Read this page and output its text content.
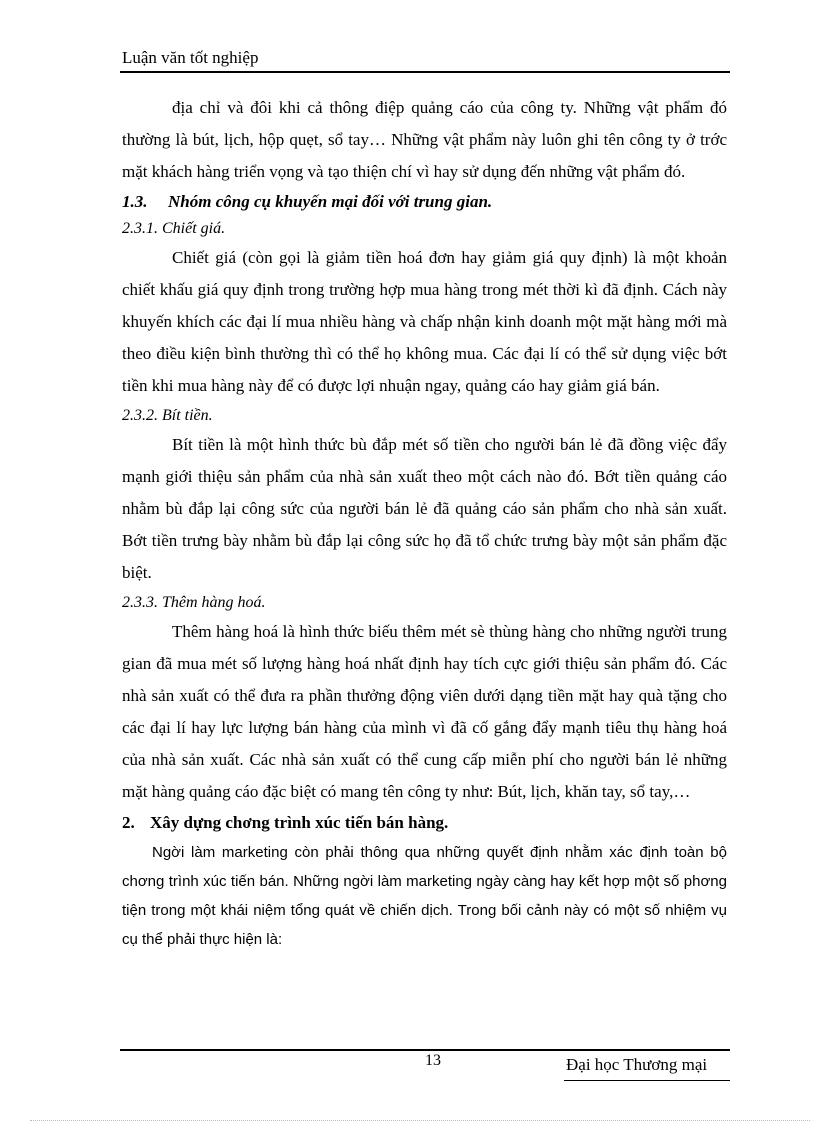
Luận văn tốt nghiệp

địa chỉ và đôi khi cả thông điệp quảng cáo của công ty. Những vật phẩm đó thường là bút, lịch, hộp quẹt, sổ tay… Những vật phẩm này luôn ghi tên công ty ở trớc mặt khách hàng triển vọng và tạo thiện chí vì hay sử dụng đến những vật phẩm đó.

1.3. Nhóm công cụ khuyến mại đối với trung gian.

2.3.1. Chiết giá.

Chiết giá (còn gọi là giảm tiền hoá đơn hay giảm giá quy định) là một khoản chiết khấu giá quy định trong trường hợp mua hàng trong mét thời kì đã định. Cách này khuyến khích các đại lí mua nhiều hàng và chấp nhận kinh doanh một mặt hàng mới mà theo điều kiện bình thường thì có thể họ không mua. Các đại lí có thể sử dụng việc bớt tiền khi mua hàng này để có được lợi nhuận ngay, quảng cáo hay giảm giá bán.

2.3.2. Bít tiền.

Bít tiền là một hình thức bù đắp mét số tiền cho người bán lẻ đã đồng việc đẩy mạnh giới thiệu sản phẩm của nhà sản xuất theo một cách nào đó. Bớt tiền quảng cáo nhằm bù đắp lại công sức của người bán lẻ đã quảng cáo sản phẩm cho nhà sản xuất. Bớt tiền trưng bày nhằm bù đắp lại công sức họ đã tổ chức trưng bày một sản phẩm đặc biệt.

2.3.3. Thêm hàng hoá.

Thêm hàng hoá là hình thức biếu thêm mét sè thùng hàng cho những người trung gian đã mua mét số lượng hàng hoá nhất định hay tích cực giới thiệu sản phẩm đó. Các nhà sản xuất có thể đưa ra phần thưởng động viên dưới dạng tiền mặt hay quà tặng cho các đại lí hay lực lượng bán hàng của mình vì đã cố gắng đẩy mạnh tiêu thụ hàng hoá của nhà sản xuất. Các nhà sản xuất có thể cung cấp miễn phí cho người bán lẻ những mặt hàng quảng cáo đặc biệt có mang tên công ty như: Bút, lịch, khăn tay, sổ tay,…

2. Xây dựng chơng trình xúc tiến bán hàng.

Ngời làm marketing còn phải thông qua những quyết định nhằm xác định toàn bộ chơng trình xúc tiến bán. Những ngời làm marketing ngày càng hay kết hợp một số phơng tiện trong một khái niệm tổng quát về chiến dịch. Trong bối cảnh này có một số nhiệm vụ cụ thể phải thực hiện là:

13	Đại học Thương mại
